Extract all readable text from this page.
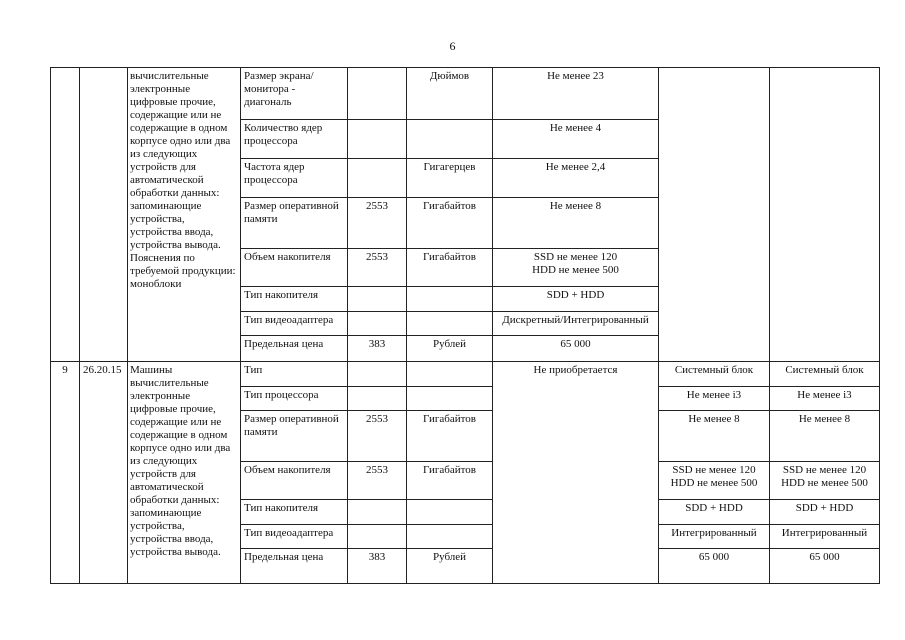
6
		вычислительные электронные цифровые прочие, содержащие или не содержащие в одном корпусе одно или два из следующих устройств для автоматической обработки данных: запоминающие устройства, устройства ввода, устройства вывода. Пояснения по требуемой продукции: моноблоки	Размер экрана/монитора - диагональ		Дюймов	Не менее 23		
			Количество ядер процессора			Не менее 4		
			Частота ядер процессора		Гигагерцев	Не менее 2,4		
			Размер оперативной памяти	2553	Гигабайтов	Не менее 8		
			Объем накопителя	2553	Гигабайтов	SSD не менее 120
HDD не менее 500		
			Тип накопителя			SDD + HDD		
			Тип видеоадаптера			Дискретный/Интегрированный		
			Предельная цена	383	Рублей	65 000		
9	26.20.15	Машины вычислительные электронные цифровые прочие, содержащие или не содержащие в одном корпусе одно или два из следующих устройств для автоматической обработки данных: запоминающие устройства, устройства ввода, устройства вывода.	Тип			Не приобретается	Системный блок	Системный блок
			Тип процессора				Не менее i3	Не менее i3
			Размер оперативной памяти	2553	Гигабайтов		Не менее 8	Не менее 8
			Объем накопителя	2553	Гигабайтов		SSD не менее 120
HDD не менее 500	SSD не менее 120
HDD не менее 500
			Тип накопителя				SDD + HDD	SDD + HDD
			Тип видеоадаптера				Интегрированный	Интегрированный
			Предельная цена	383	Рублей		65 000	65 000
